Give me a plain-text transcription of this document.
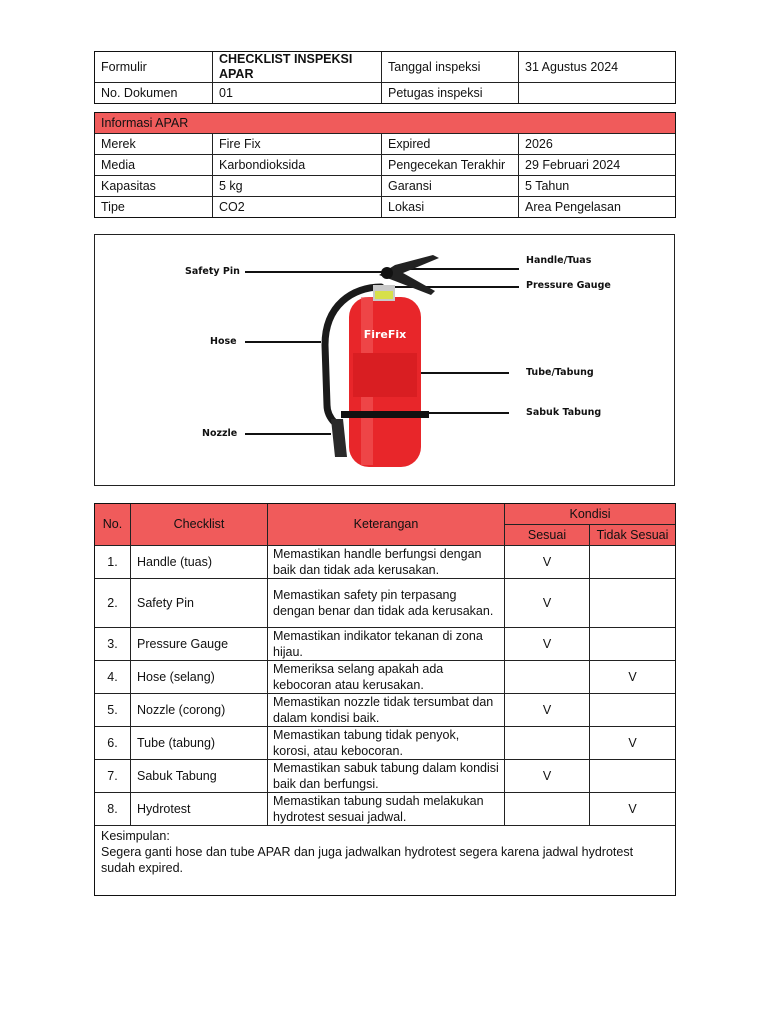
Formulir	CHECKLIST INSPEKSI APAR	Tanggal inspeksi	31 Agustus 2024
No. Dokumen	01	Petugas inspeksi	
Informasi APAR			
Merek	Fire Fix	Expired	2026
Media	Karbondioksida	Pengecekan Terakhir	29 Februari 2024
Kapasitas	5 kg	Garansi	5 Tahun
Tipe	CO2	Lokasi	Area Pengelasan
FireFix
Safety Pin
Hose
Nozzle
Handle/Tuas
Pressure Gauge
Tube/Tabung
Sabuk Tabung
No.	Checklist	Keterangan	Kondisi	
			Sesuai	Tidak Sesuai
1.	Handle (tuas)	Memastikan handle berfungsi dengan baik dan tidak ada kerusakan.	V	
2.	Safety Pin	Memastikan safety pin terpasang dengan benar dan tidak ada kerusakan.	V	
3.	Pressure Gauge	Memastikan indikator tekanan di zona hijau.	V	
4.	Hose (selang)	Memeriksa selang apakah ada kebocoran atau kerusakan.		V
5.	Nozzle (corong)	Memastikan nozzle tidak tersumbat dan dalam kondisi baik.	V	
6.	Tube (tabung)	Memastikan tabung tidak penyok, korosi, atau kebocoran.		V
7.	Sabuk Tabung	Memastikan sabuk tabung dalam kondisi baik dan berfungsi.	V	
8.	Hydrotest	Memastikan tabung sudah melakukan hydrotest sesuai jadwal.		V

Kesimpulan:
Segera ganti hose dan tube APAR dan juga jadwalkan hydrotest segera karena jadwal hydrotest sudah expired.				
